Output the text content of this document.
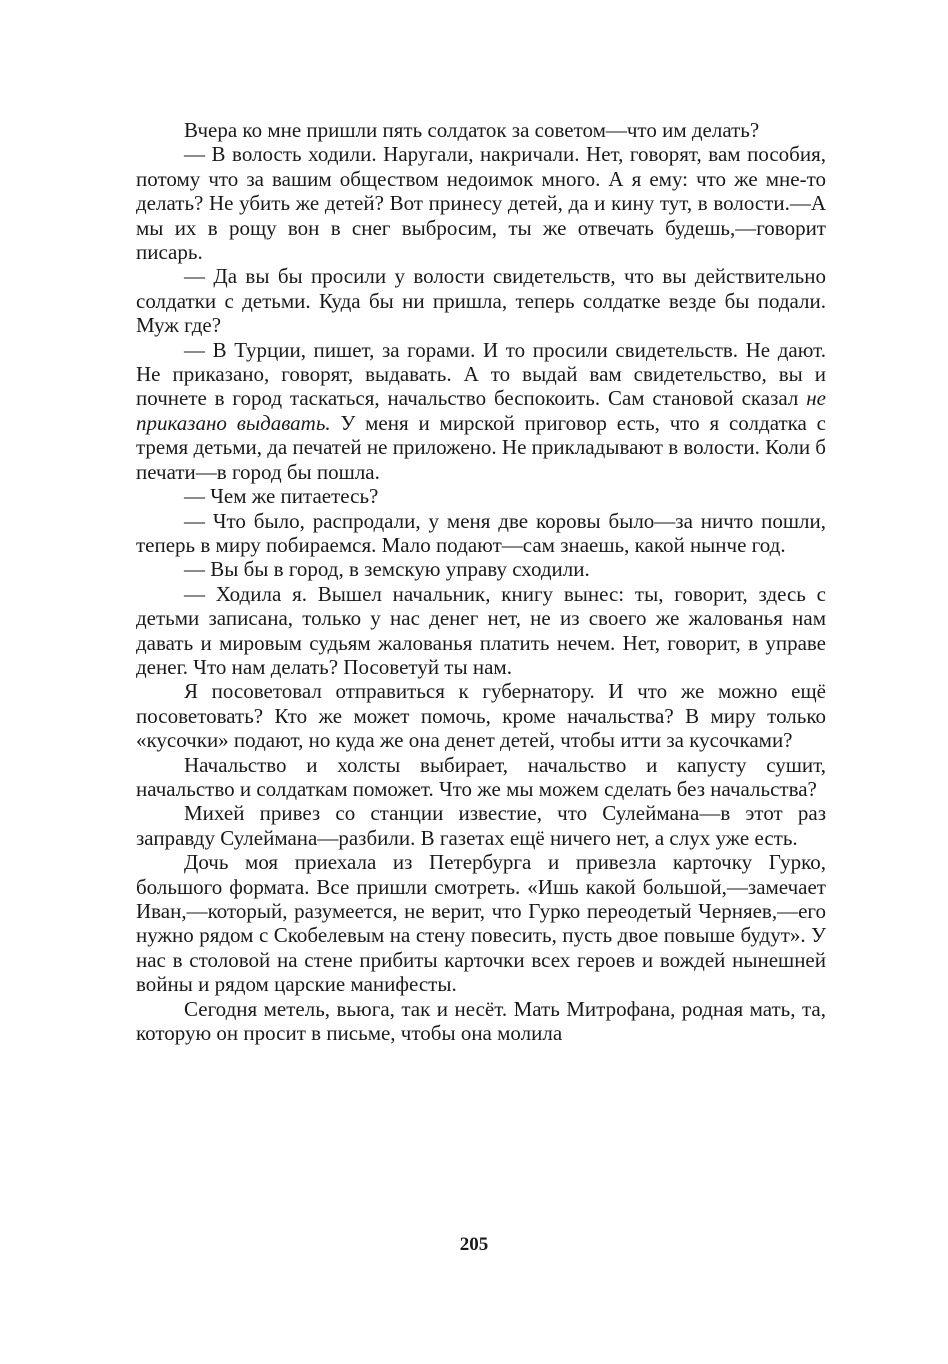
Вчера ко мне пришли пять солдаток за советом—что им делать?

— В волость ходили. Наругали, накричали. Нет, говорят, вам пособия, потому что за вашим обществом недоимок много. А я ему: что же мне-то делать? Не убить же детей? Вот принесу детей, да и кину тут, в волости.—А мы их в рощу вон в снег выбросим, ты же отвечать будешь,—говорит писарь.

— Да вы бы просили у волости свидетельств, что вы действительно солдатки с детьми. Куда бы ни пришла, теперь солдатке везде бы подали. Муж где?

— В Турции, пишет, за горами. И то просили свидетельств. Не дают. Не приказано, говорят, выдавать. А то выдай вам свидетельство, вы и почнете в город таскаться, начальство беспокоить. Сам становой сказал не приказано выдавать. У меня и мирской приговор есть, что я солдатка с тремя детьми, да печатей не приложено. Не прикладывают в волости. Коли б печати—в город бы пошла.

— Чем же питаетесь?

— Что было, распродали, у меня две коровы было—за ничто пошли, теперь в миру побираемся. Мало подают—сам знаешь, какой нынче год.

— Вы бы в город, в земскую управу сходили.

— Ходила я. Вышел начальник, книгу вынес: ты, говорит, здесь с детьми записана, только у нас денег нет, не из своего же жалованья нам давать и мировым судьям жалованья платить нечем. Нет, говорит, в управе денег. Что нам делать? Посоветуй ты нам.

Я посоветовал отправиться к губернатору. И что же можно ещё посоветовать? Кто же может помочь, кроме начальства? В миру только «кусочки» подают, но куда же она денет детей, чтобы итти за кусочками?

Начальство и холсты выбирает, начальство и капусту сушит, начальство и солдаткам поможет. Что же мы можем сделать без начальства?

Михей привез со станции известие, что Сулеймана—в этот раз заправду Сулеймана—разбили. В газетах ещё ничего нет, а слух уже есть.

Дочь моя приехала из Петербурга и привезла карточку Гурко, большого формата. Все пришли смотреть. «Ишь какой большой,—замечает Иван,—который, разумеется, не верит, что Гурко переодетый Черняев,—его нужно рядом с Скобелевым на стену повесить, пусть двое повыше будут». У нас в столовой на стене прибиты карточки всех героев и вождей нынешней войны и рядом царские манифесты.

Сегодня метель, вьюга, так и несёт. Мать Митрофана, родная мать, та, которую он просит в письме, чтобы она молила

205
